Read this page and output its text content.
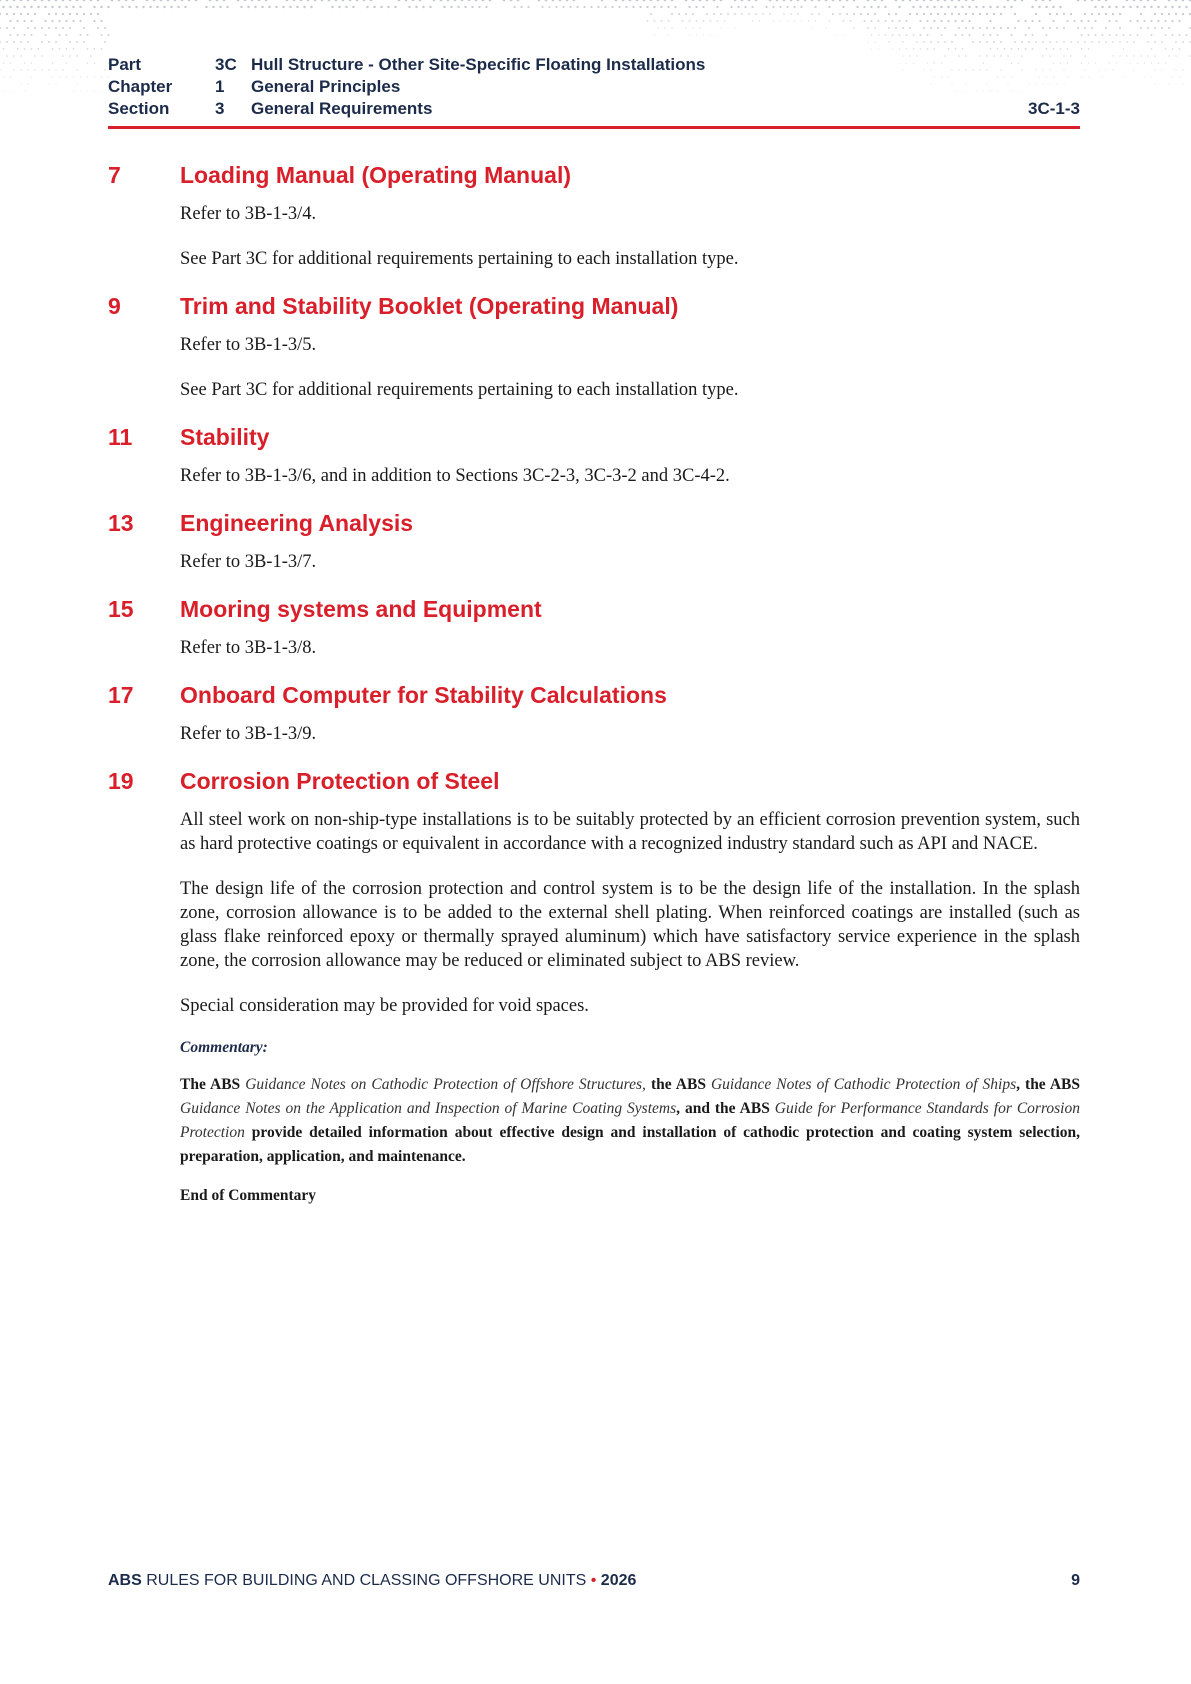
Part	3C Hull Structure - Other Site-Specific Floating Installations
Chapter	1	General Principles
Section	3	General Requirements	3C-1-3
7	Loading Manual (Operating Manual)

Refer to 3B-1-3/4.

See Part 3C for additional requirements pertaining to each installation type.

9	Trim and Stability Booklet (Operating Manual)

Refer to 3B-1-3/5.

See Part 3C for additional requirements pertaining to each installation type.

11	Stability

Refer to 3B-1-3/6, and in addition to Sections 3C-2-3, 3C-3-2 and 3C-4-2.

13	Engineering Analysis

Refer to 3B-1-3/7.

15	Mooring systems and Equipment

Refer to 3B-1-3/8.

17	Onboard Computer for Stability Calculations

Refer to 3B-1-3/9.

19	Corrosion Protection of Steel

All steel work on non-ship-type installations is to be suitably protected by an efficient corrosion prevention system, such as hard protective coatings or equivalent in accordance with a recognized industry standard such as API and NACE.

The design life of the corrosion protection and control system is to be the design life of the installation. In the splash zone, corrosion allowance is to be added to the external shell plating. When reinforced coatings are installed (such as glass flake reinforced epoxy or thermally sprayed aluminum) which have satisfactory service experience in the splash zone, the corrosion allowance may be reduced or eliminated subject to ABS review.

Special consideration may be provided for void spaces.

Commentary:
The ABS Guidance Notes on Cathodic Protection of Offshore Structures, the ABS Guidance Notes of Cathodic Protection of Ships, the ABS Guidance Notes on the Application and Inspection of Marine Coating Systems, and the ABS Guide for Performance Standards for Corrosion Protection provide detailed information about effective design and installation of cathodic protection and coating system selection, preparation, application, and maintenance.
End of Commentary
ABS RULES FOR BUILDING AND CLASSING OFFSHORE UNITS • 2026	9
